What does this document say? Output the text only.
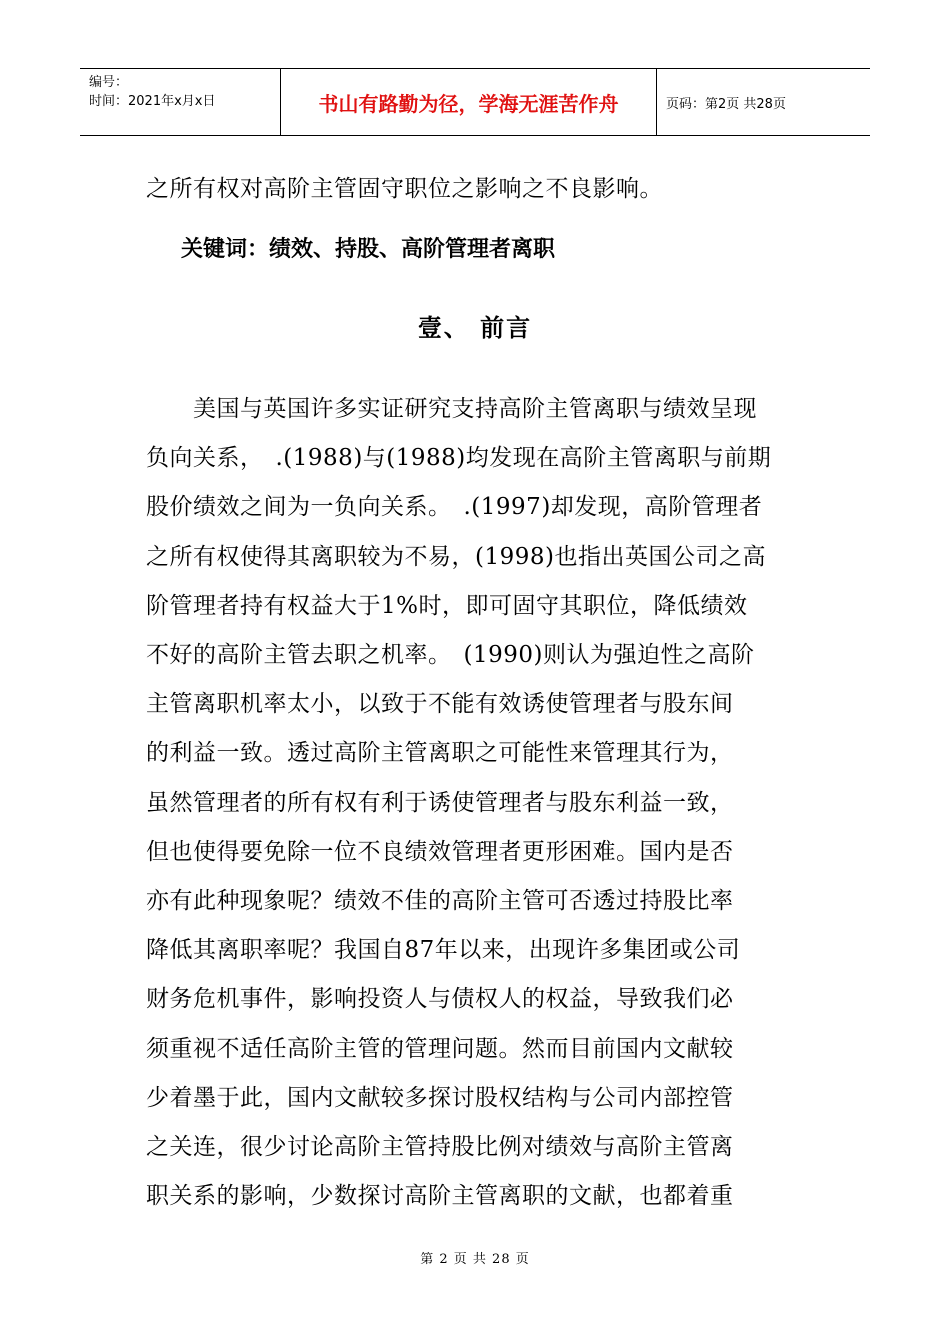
编号：
时间：2021年x月x日	书山有路勤为径，学海无涯苦作舟	页码：第2页 共28页
之所有权对高阶主管固守职位之影响之不良影响。
关键词：绩效、持股、高阶管理者离职
壹、 前言
　　美国与英国许多实证研究支持高阶主管离职与绩效呈现
负向关系，　.(1988)与(1988)均发现在高阶主管离职与前期
股价绩效之间为一负向关系。　.(1997)却发现，高阶管理者
之所有权使得其离职较为不易，(1998)也指出英国公司之高
阶管理者持有权益大于1%时，即可固守其职位，降低绩效
不好的高阶主管去职之机率。　(1990)则认为强迫性之高阶
主管离职机率太小，以致于不能有效诱使管理者与股东间
的利益一致。透过高阶主管离职之可能性来管理其行为，
虽然管理者的所有权有利于诱使管理者与股东利益一致，
但也使得要免除一位不良绩效管理者更形困难。国内是否
亦有此种现象呢？绩效不佳的高阶主管可否透过持股比率
降低其离职率呢？我国自87年以来，出现许多集团或公司
财务危机事件，影响投资人与债权人的权益，导致我们必
须重视不适任高阶主管的管理问题。然而目前国内文献较
少着墨于此，国内文献较多探讨股权结构与公司内部控管
之关连，很少讨论高阶主管持股比例对绩效与高阶主管离
职关系的影响，少数探讨高阶主管离职的文献，也都着重
第 2 页 共 28 页
